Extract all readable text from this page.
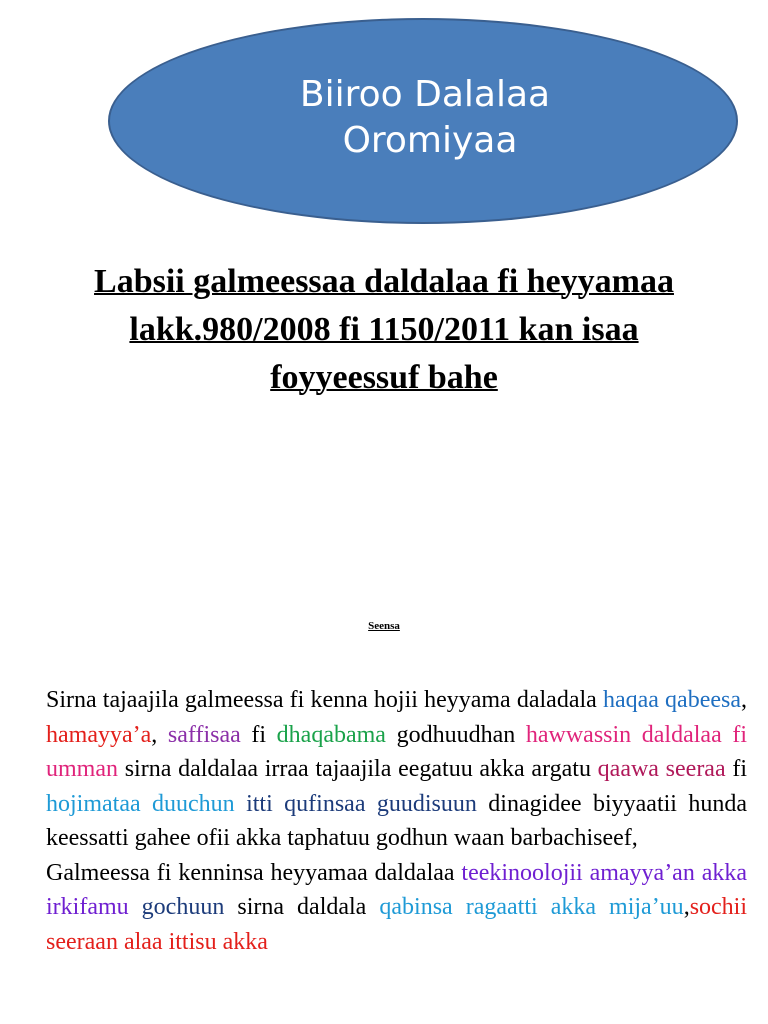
Biiroo Dalalaa
Oromiyaa
Labsii galmeessaa daldalaa fi heyyamaa
lakk.980/2008 fi 1150/2011 kan isaa
foyyeessuf bahe
Seensa

Sirna tajaajila galmeessa fi kenna hojii heyyama daladala haqaa qabeesa, hamayya’a, saffisaa fi dhaqabama godhuudhan hawwassin daldalaa fi umman sirna daldalaa irraa tajaajila eegatuu akka argatu qaawa seeraa fi hojimataa duuchun itti qufinsaa guudisuun dinagidee biyyaatii hunda keessatti gahee ofii akka taphatuu godhun waan barbachiseef,

Galmeessa fi kenninsa heyyamaa daldalaa teekinoolojii amayya’an akka irkifamu gochuun sirna daldala qabinsa ragaatti akka mija’uu,sochii seeraan alaa ittisu akka
